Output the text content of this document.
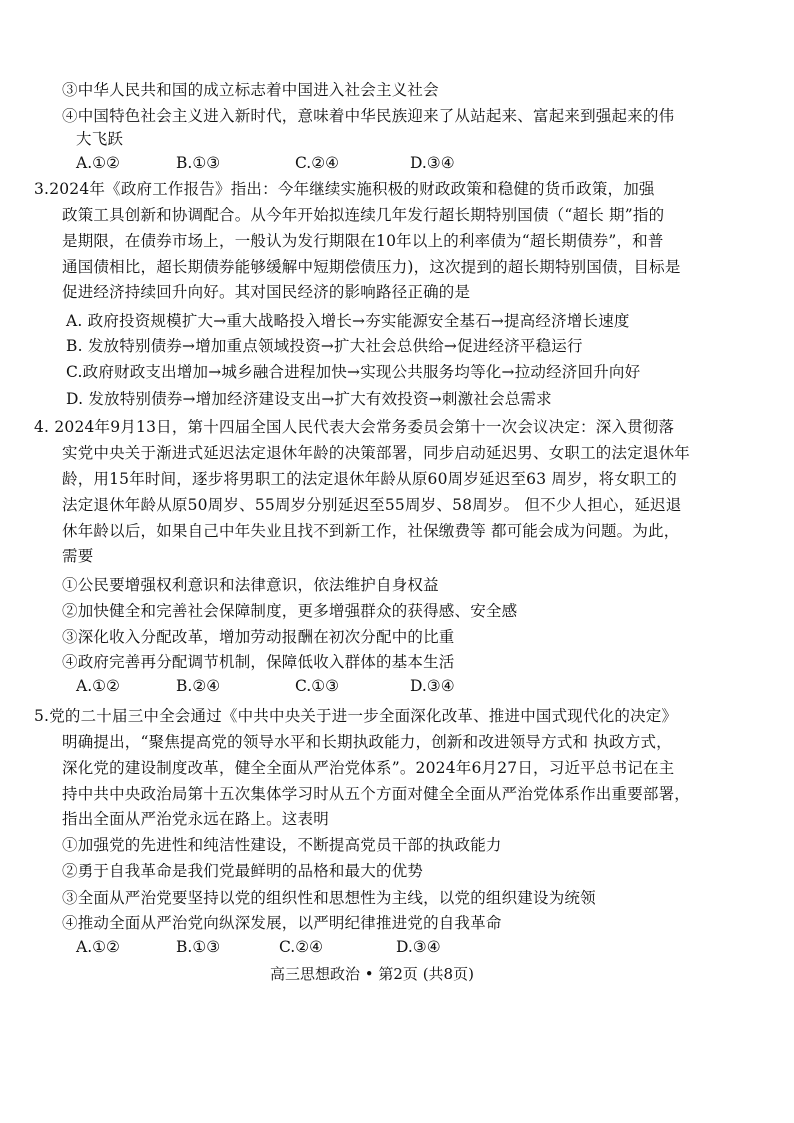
③中华人民共和国的成立标志着中国进入社会主义社会
④中国特色社会主义进入新时代，意味着中华民族迎来了从站起来、富起来到强起来的伟
大飞跃
A.①②	B.①③	C.②④	D.③④
3.2024年《政府工作报告》指出：今年继续实施积极的财政政策和稳健的货币政策，加强
政策工具创新和协调配合。从今年开始拟连续几年发行超长期特别国债（“超长 期”指的
是期限，在债券市场上，一般认为发行期限在10年以上的利率债为“超长期债券”，和普
通国债相比，超长期债券能够缓解中短期偿债压力)，这次提到的超长期特别国债，目标是
促进经济持续回升向好。其对国民经济的影响路径正确的是
A. 政府投资规模扩大→重大战略投入增长→夯实能源安全基石→提高经济增长速度
B. 发放特别债券→增加重点领域投资→扩大社会总供给→促进经济平稳运行
C.政府财政支出增加→城乡融合进程加快→实现公共服务均等化→拉动经济回升向好
D. 发放特别债券→增加经济建设支出→扩大有效投资→刺激社会总需求
4. 2024年9月13日，第十四届全国人民代表大会常务委员会第十一次会议决定：深入贯彻落
实党中央关于渐进式延迟法定退休年龄的决策部署，同步启动延迟男、女职工的法定退休年
龄，用15年时间，逐步将男职工的法定退休年龄从原60周岁延迟至63 周岁，将女职工的
法定退休年龄从原50周岁、55周岁分别延迟至55周岁、58周岁。 但不少人担心，延迟退
休年龄以后，如果自己中年失业且找不到新工作，社保缴费等 都可能会成为问题。为此，
需要
①公民要增强权利意识和法律意识，依法维护自身权益
②加快健全和完善社会保障制度，更多增强群众的获得感、安全感
③深化收入分配改革，增加劳动报酬在初次分配中的比重
④政府完善再分配调节机制，保障低收入群体的基本生活
A.①②	B.②④	C.①③	D.③④
5.党的二十届三中全会通过《中共中央关于进一步全面深化改革、推进中国式现代化的决定》
明确提出，“聚焦提高党的领导水平和长期执政能力，创新和改进领导方式和 执政方式，
深化党的建设制度改革，健全全面从严治党体系”。2024年6月27日，习近平总书记在主
持中共中央政治局第十五次集体学习时从五个方面对健全全面从严治党体系作出重要部署，
指出全面从严治党永远在路上。这表明
①加强党的先进性和纯洁性建设，不断提高党员干部的执政能力
②勇于自我革命是我们党最鲜明的品格和最大的优势
③全面从严治党要坚持以党的组织性和思想性为主线，以党的组织建设为统领
④推动全面从严治党向纵深发展，以严明纪律推进党的自我革命
A.①②	B.①③	C.②④	D.③④
高三思想政治 • 第2页 (共8页)
